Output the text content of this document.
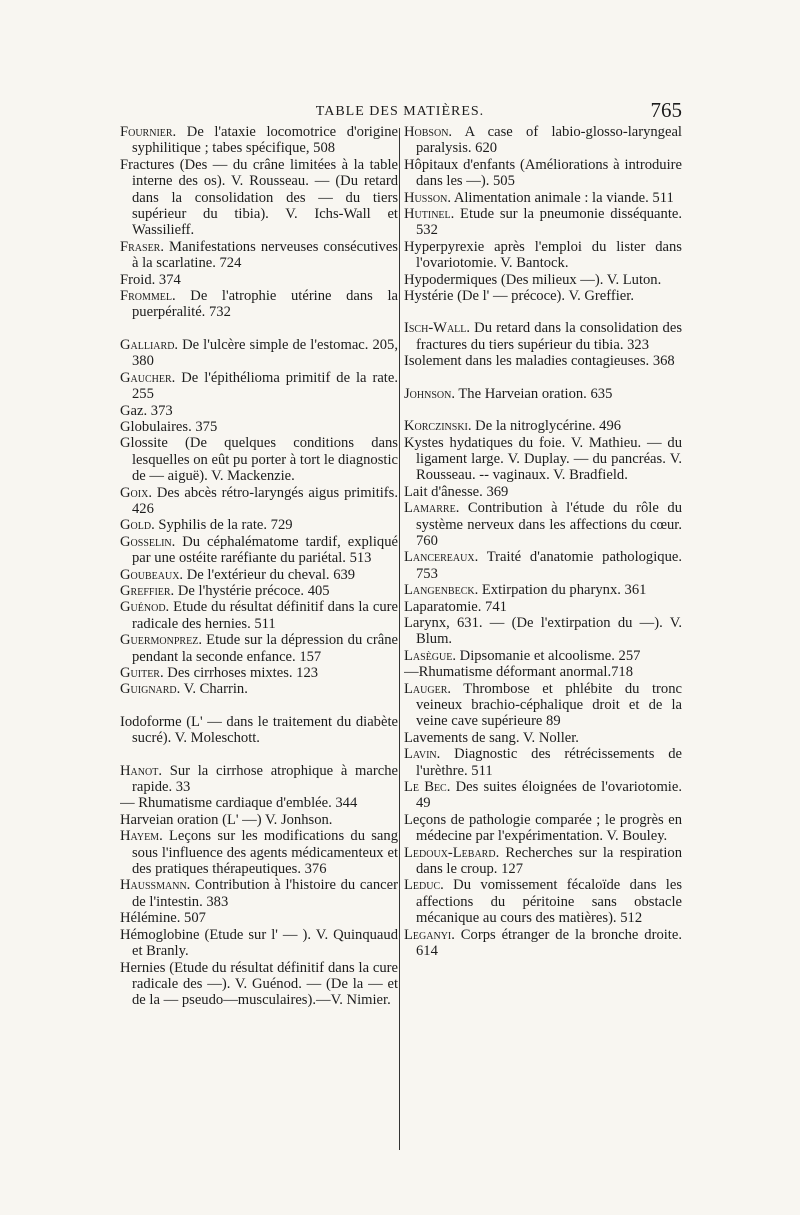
TABLE DES MATIÈRES.	765

Fournier. De l'ataxie locomotrice d'origine syphilitique ; tabes spécifique, 508

Fractures (Des — du crâne limitées à la table interne des os). V. Rousseau. — (Du retard dans la consolidation des — du tiers supérieur du tibia). V. Ichs-Wall et Wassilieff.

Fraser. Manifestations nerveuses consécutives à la scarlatine. 724

Froid. 374

Frommel. De l'atrophie utérine dans la puerpéralité. 732

Galliard. De l'ulcère simple de l'estomac. 205, 380

Gaucher. De l'épithélioma primitif de la rate. 255

Gaz. 373

Globulaires. 375

Glossite (De quelques conditions dans lesquelles on eût pu porter à tort le diagnostic de — aiguë). V. Mackenzie.

Goix. Des abcès rétro-laryngés aigus primitifs. 426

Gold. Syphilis de la rate. 729

Gosselin. Du céphalématome tardif, expliqué par une ostéite raréfiante du pariétal. 513

Goubeaux. De l'extérieur du cheval. 639

Greffier. De l'hystérie précoce. 405

Guénod. Etude du résultat définitif dans la cure radicale des hernies. 511

Guermonprez. Etude sur la dépression du crâne pendant la seconde enfance. 157

Guiter. Des cirrhoses mixtes. 123

Guignard. V. Charrin.

Iodoforme (L' — dans le traitement du diabète sucré). V. Moleschott.

Hanot. Sur la cirrhose atrophique à marche rapide. 33

— Rhumatisme cardiaque d'emblée. 344

Harveian oration (L' —) V. Jonhson.

Hayem. Leçons sur les modifications du sang sous l'influence des agents médicamenteux et des pratiques thérapeutiques. 376

Haussmann. Contribution à l'histoire du cancer de l'intestin. 383

Hélémine. 507

Hémoglobine (Etude sur l' — ). V. Quinquaud et Branly.

Hernies (Etude du résultat définitif dans la cure radicale des —). V. Guénod. — (De la — et de la — pseudo—musculaires).—V. Nimier.

Hobson. A case of labio-glosso-laryngeal paralysis. 620

Hôpitaux d'enfants (Améliorations à introduire dans les —). 505

Husson. Alimentation animale : la viande. 511

Hutinel. Etude sur la pneumonie disséquante. 532

Hyperpyrexie après l'emploi du lister dans l'ovariotomie. V. Bantock.

Hypodermiques (Des milieux —). V. Luton.

Hystérie (De l' — précoce). V. Greffier.

Isch-Wall. Du retard dans la consolidation des fractures du tiers supérieur du tibia. 323

Isolement dans les maladies contagieuses. 368

Johnson. The Harveian oration. 635

Korczinski. De la nitroglycérine. 496

Kystes hydatiques du foie. V. Mathieu. — du ligament large. V. Duplay. — du pancréas. V. Rousseau. -- vaginaux. V. Bradfield.

Lait d'ânesse. 369

Lamarre. Contribution à l'étude du rôle du système nerveux dans les affections du cœur. 760

Lancereaux. Traité d'anatomie pathologique. 753

Langenbeck. Extirpation du pharynx. 361

Laparatomie. 741

Larynx, 631. — (De l'extirpation du —). V. Blum.

Lasègue. Dipsomanie et alcoolisme. 257

—Rhumatisme déformant anormal.718

Lauger. Thrombose et phlébite du tronc veineux brachio-céphalique droit et de la veine cave supérieure 89

Lavements de sang. V. Noller.

Lavin. Diagnostic des rétrécissements de l'urèthre. 511

Le Bec. Des suites éloignées de l'ovariotomie. 49

Leçons de pathologie comparée ; le progrès en médecine par l'expérimentation. V. Bouley.

Ledoux-Lebard. Recherches sur la respiration dans le croup. 127

Leduc. Du vomissement fécaloïde dans les affections du péritoine sans obstacle mécanique au cours des matières). 512

Leganyi. Corps étranger de la bronche droite. 614
